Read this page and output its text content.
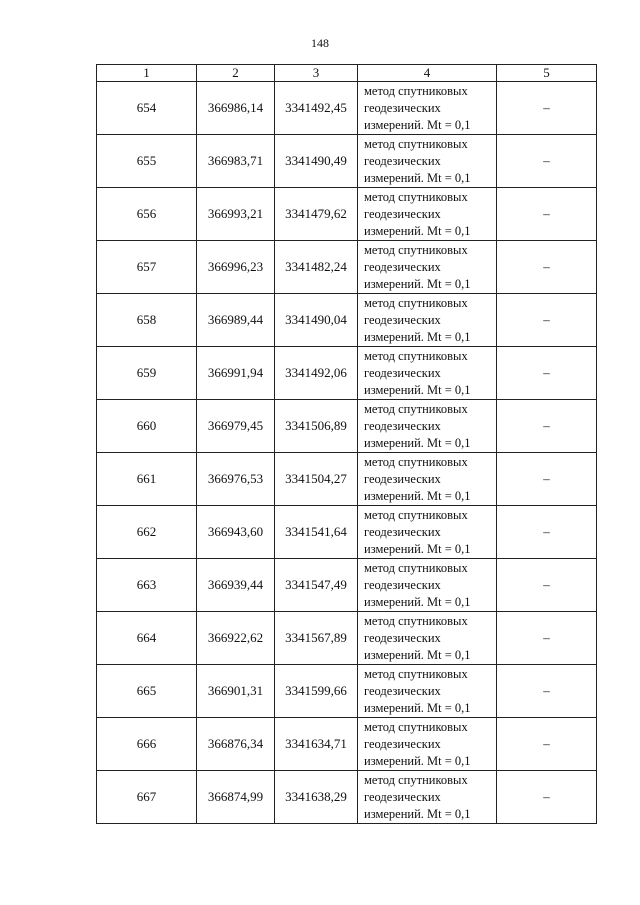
148
1	2	3	4	5
654	366986,14	3341492,45	метод спутниковых
геодезических
измерений. Mt = 0,1	–
655	366983,71	3341490,49	метод спутниковых
геодезических
измерений. Mt = 0,1	–
656	366993,21	3341479,62	метод спутниковых
геодезических
измерений. Mt = 0,1	–
657	366996,23	3341482,24	метод спутниковых
геодезических
измерений. Mt = 0,1	–
658	366989,44	3341490,04	метод спутниковых
геодезических
измерений. Mt = 0,1	–
659	366991,94	3341492,06	метод спутниковых
геодезических
измерений. Mt = 0,1	–
660	366979,45	3341506,89	метод спутниковых
геодезических
измерений. Mt = 0,1	–
661	366976,53	3341504,27	метод спутниковых
геодезических
измерений. Mt = 0,1	–
662	366943,60	3341541,64	метод спутниковых
геодезических
измерений. Mt = 0,1	–
663	366939,44	3341547,49	метод спутниковых
геодезических
измерений. Mt = 0,1	–
664	366922,62	3341567,89	метод спутниковых
геодезических
измерений. Mt = 0,1	–
665	366901,31	3341599,66	метод спутниковых
геодезических
измерений. Mt = 0,1	–
666	366876,34	3341634,71	метод спутниковых
геодезических
измерений. Mt = 0,1	–
667	366874,99	3341638,29	метод спутниковых
геодезических
измерений. Mt = 0,1	–
